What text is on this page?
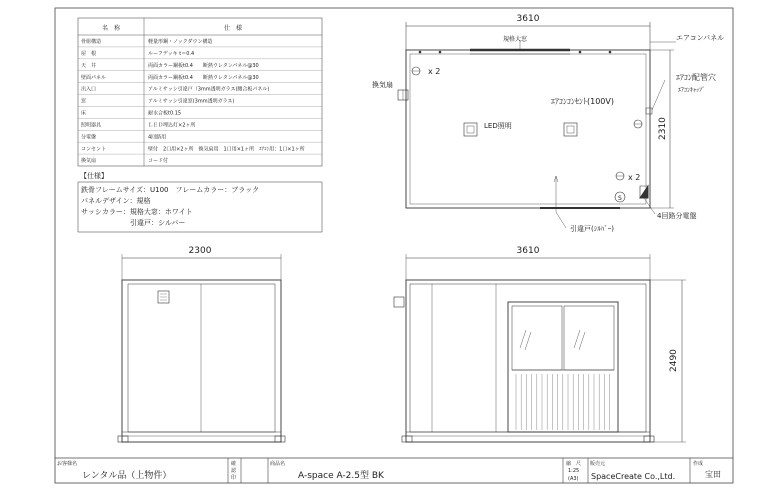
骨組構造	軽量形鋼・ノックダウン構造
屋　根	ルーフデッキ t＝0.4
天　井	両面カラー鋼板t0.4　　断熱ウレタンパネル@30
壁面パネル	両面カラー鋼板t0.4　　断熱ウレタンパネル@30
出入口	アルミサッシ引違戸（3mm透明ガラス(腰合板パネル)
窓	アルミサッシ引違窓(3mm透明ガラス)
床	耐水合板t0.15
照明器具	ＬＥＤ埋込灯×2ヶ所
分電盤	4回路用
コンセント	壁付　2口用×2ヶ所　換気扇用　1口用×1ヶ所　ｴｱｺﾝ用：1口×1ヶ所
換気扇	コード付
名　称	仕　様
【仕様】
鉄骨フレームサイズ：U100　フレームカラー：ブラック
パネルデザイン：規格
サッシカラー：規格大窓：ホワイト
　　　　　　　引違戸：シルバー
3610
規格大窓	エアコンパネル
ｴｱｺﾝ配管穴
ｴｱｺﾝｷｬｯﾌﾟ
換気扇
x 2
ｴｱｺﾝｺﾝｾﾝﾄ(100V)
LED照明
x 2
S
4回路分電盤
引違戸(ｼﾙﾊﾞｰ)
2310
2300	3610
2490
お客様名
レンタル品（上物件）
確
認
印
商品名
A-space A-2.5型 BK
縮　尺
1:25
(A3)
販売元
SpaceCreate Co.,Ltd.
作成
宝田
